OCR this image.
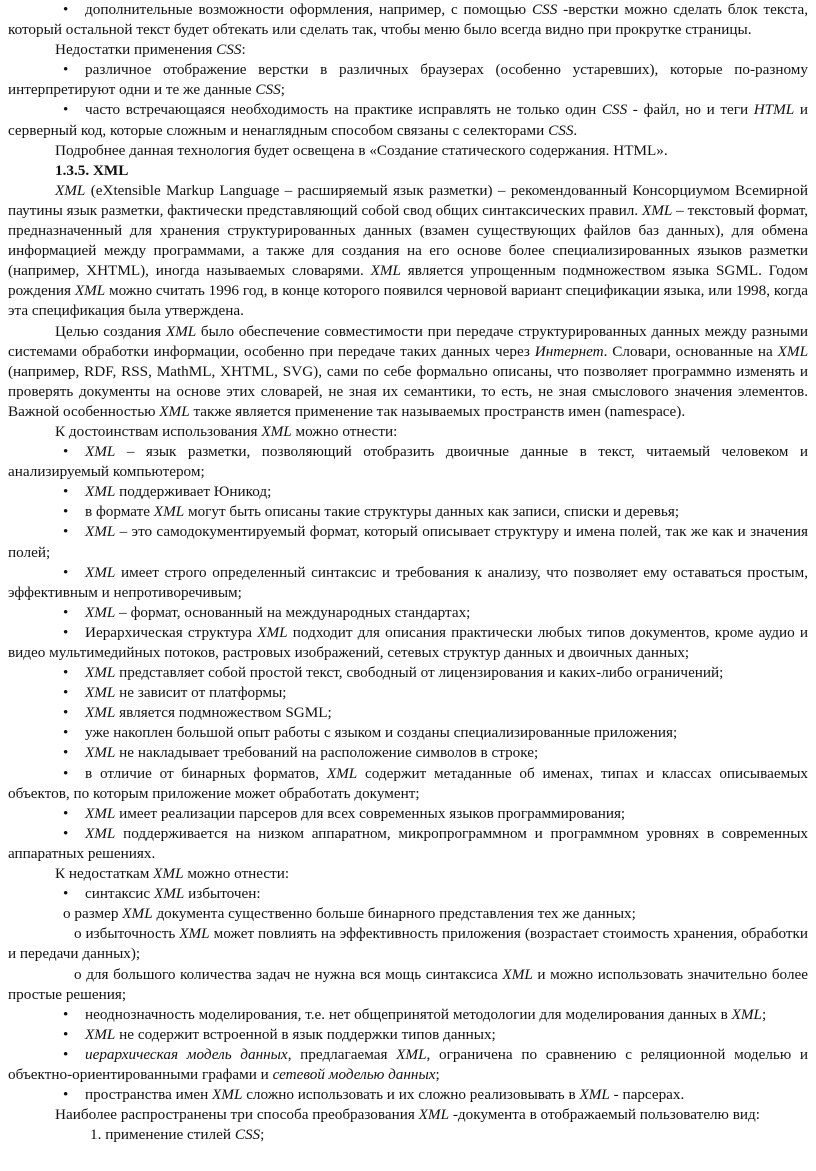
• дополнительные возможности оформления, например, с помощью CSS -верстки можно сделать блок текста, который остальной текст будет обтекать или сделать так, чтобы меню было всегда видно при прокрутке страницы.

Недостатки применения CSS:

• различное отображение верстки в различных браузерах (особенно устаревших), которые по-разному интерпретируют одни и те же данные CSS;

• часто встречающаяся необходимость на практике исправлять не только один CSS - файл, но и теги HTML и серверный код, которые сложным и ненаглядным способом связаны с селекторами CSS.

Подробнее данная технология будет освещена в «Создание статического содержания. HTML».

1.3.5. XML

XML (eXtensible Markup Language – расширяемый язык разметки) – рекомендованный Консорциумом Всемирной паутины язык разметки, фактически представляющий собой свод общих синтаксических правил. XML – текстовый формат, предназначенный для хранения структурированных данных (взамен существующих файлов баз данных), для обмена информацией между программами, а также для создания на его основе более специализированных языков разметки (например, XHTML), иногда называемых словарями. XML является упрощенным подмножеством языка SGML. Годом рождения XML можно считать 1996 год, в конце которого появился черновой вариант спецификации языка, или 1998, когда эта спецификация была утверждена.

Целью создания XML было обеспечение совместимости при передаче структурированных данных между разными системами обработки информации, особенно при передаче таких данных через Интернет. Словари, основанные на XML (например, RDF, RSS, MathML, XHTML, SVG), сами по себе формально описаны, что позволяет программно изменять и проверять документы на основе этих словарей, не зная их семантики, то есть, не зная смыслового значения элементов. Важной особенностью XML также является применение так называемых пространств имен (namespace).

К достоинствам использования XML можно отнести:

• XML – язык разметки, позволяющий отобразить двоичные данные в текст, читаемый человеком и анализируемый компьютером;

• XML поддерживает Юникод;

• в формате XML могут быть описаны такие структуры данных как записи, списки и деревья;

• XML – это самодокументируемый формат, который описывает структуру и имена полей, так же как и значения полей;

• XML имеет строго определенный синтаксис и требования к анализу, что позволяет ему оставаться простым, эффективным и непротиворечивым;

• XML – формат, основанный на международных стандартах;

• Иерархическая структура XML подходит для описания практически любых типов документов, кроме аудио и видео мультимедийных потоков, растровых изображений, сетевых структур данных и двоичных данных;

• XML представляет собой простой текст, свободный от лицензирования и каких-либо ограничений;

• XML не зависит от платформы;

• XML является подмножеством SGML;

• уже накоплен большой опыт работы с языком и созданы специализированные приложения;

• XML не накладывает требований на расположение символов в строке;

• в отличие от бинарных форматов, XML содержит метаданные об именах, типах и классах описываемых объектов, по которым приложение может обработать документ;

• XML имеет реализации парсеров для всех современных языков программирования;

• XML поддерживается на низком аппаратном, микропрограммном и программном уровнях в современных аппаратных решениях.

К недостаткам XML можно отнести:

• синтаксис XML избыточен:

o размер XML документа существенно больше бинарного представления тех же данных;

o избыточность XML может повлиять на эффективность приложения (возрастает стоимость хранения, обработки и передачи данных);

o для большого количества задач не нужна вся мощь синтаксиса XML и можно использовать значительно более простые решения;

• неоднозначность моделирования, т.е. нет общепринятой методологии для моделирования данных в XML;

• XML не содержит встроенной в язык поддержки типов данных;

• иерархическая модель данных, предлагаемая XML, ограничена по сравнению с реляционной моделью и объектно-ориентированными графами и сетевой моделью данных;

• пространства имен XML сложно использовать и их сложно реализовывать в XML - парсерах.

Наиболее распространены три способа преобразования XML -документа в отображаемый пользователю вид:

1. применение стилей CSS;
